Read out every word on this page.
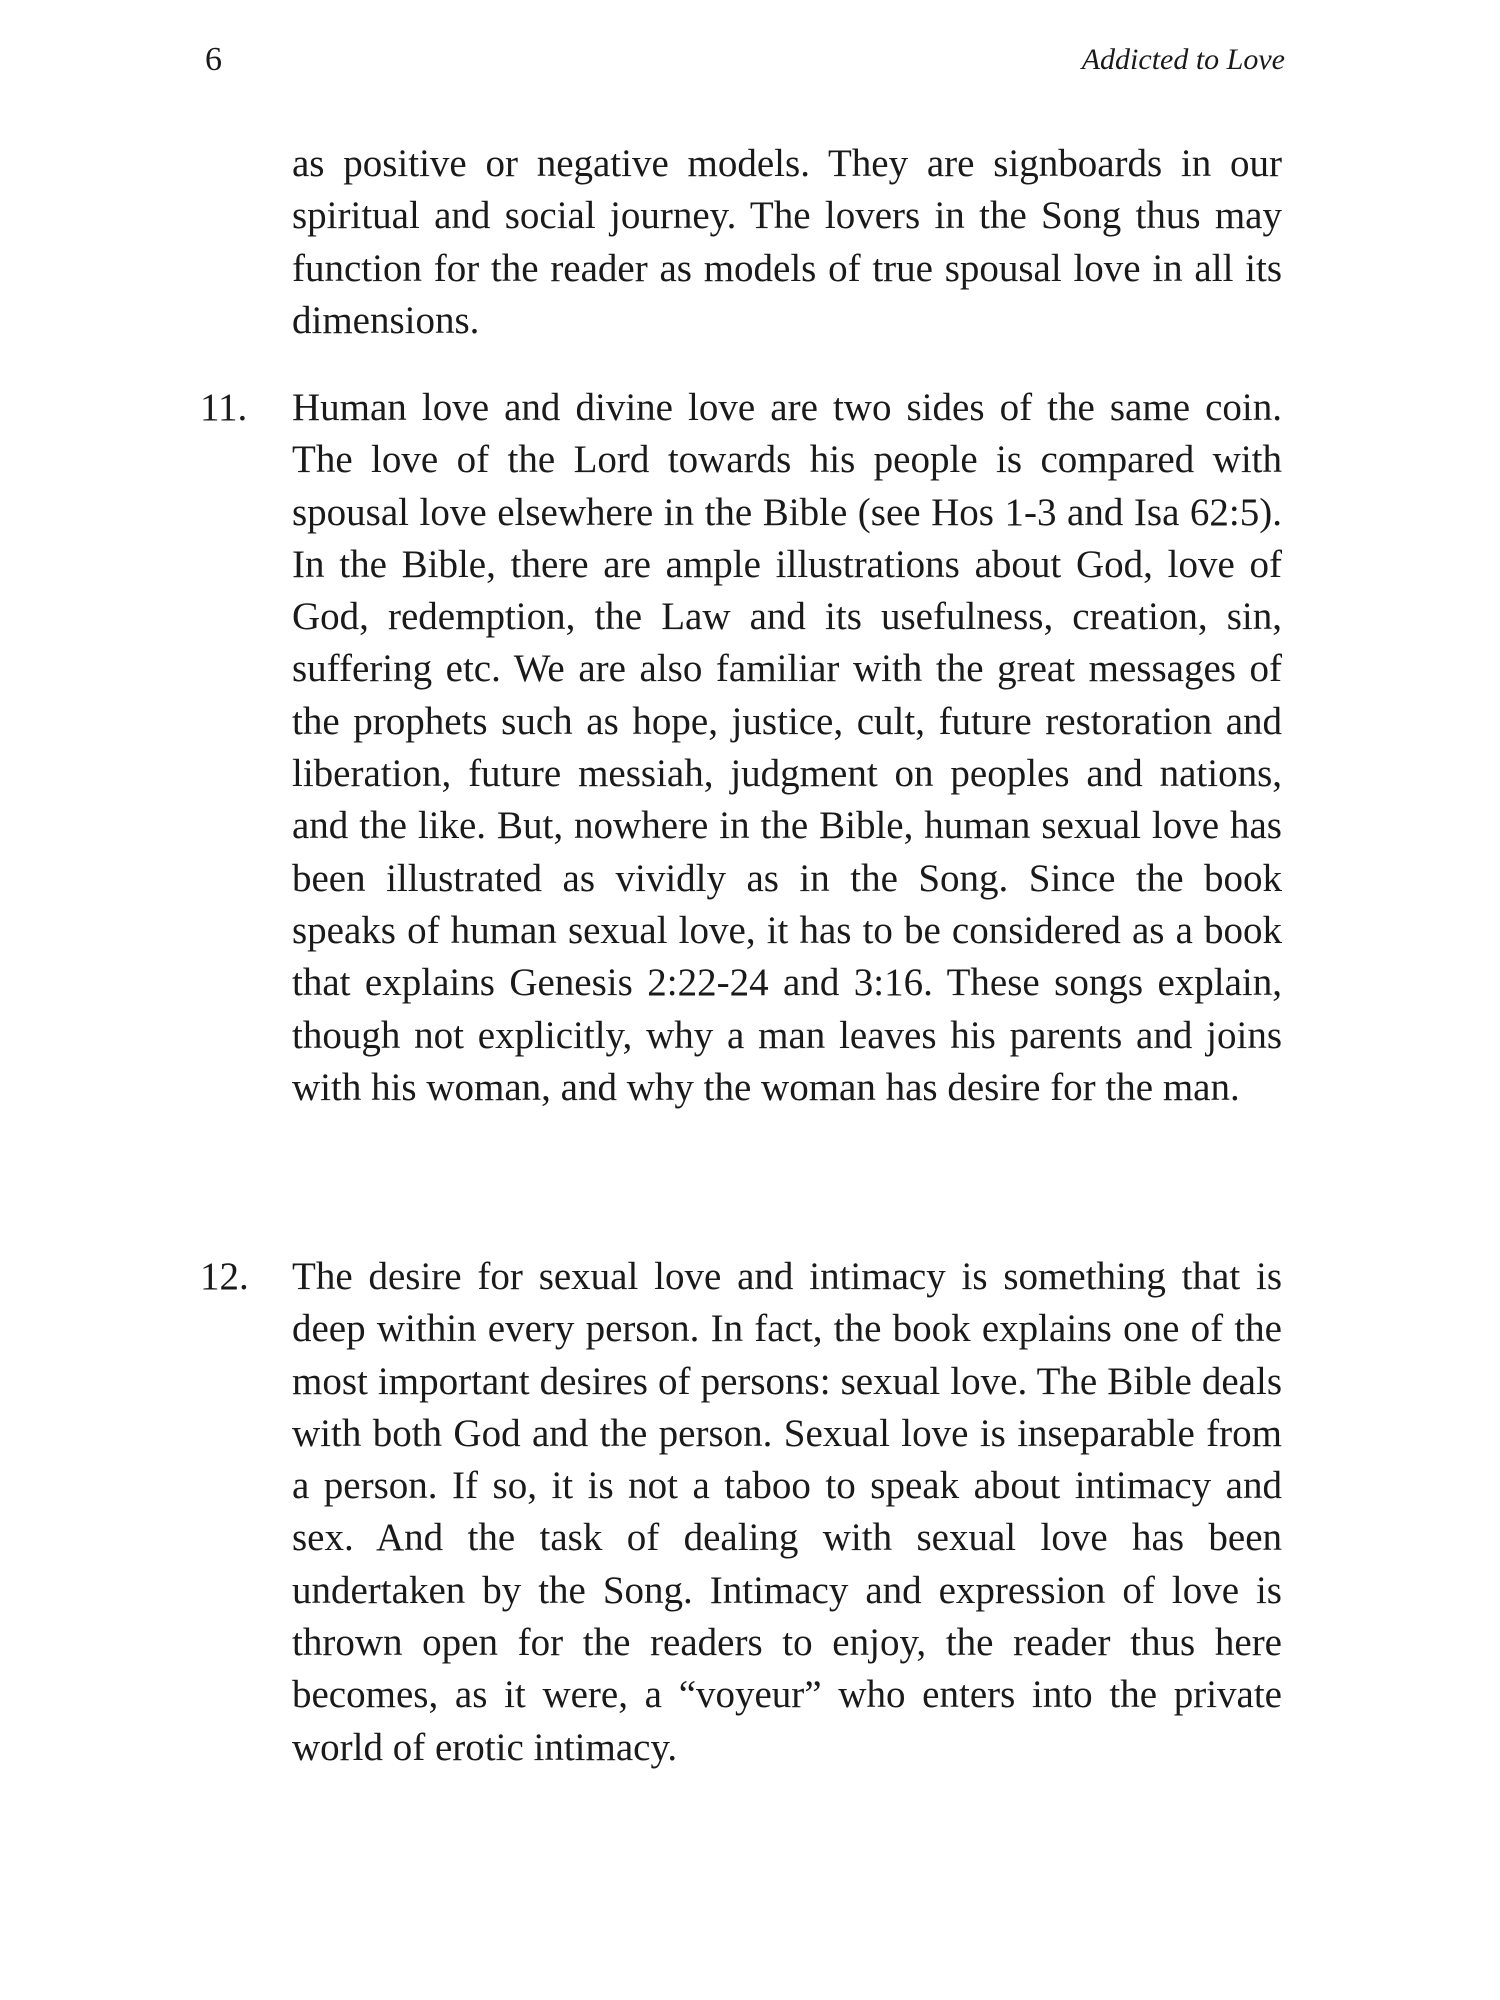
6	Addicted to Love

as positive or negative models. They are signboards in our spiritual and social journey. The lovers in the Song thus may function for the reader as models of true spousal love in all its dimensions.

11. Human love and divine love are two sides of the same coin. The love of the Lord towards his people is compared with spousal love elsewhere in the Bible (see Hos 1-3 and Isa 62:5). In the Bible, there are ample illustrations about God, love of God, redemption, the Law and its usefulness, creation, sin, suffering etc. We are also familiar with the great messages of the prophets such as hope, justice, cult, future restoration and liberation, future messiah, judgment on peoples and nations, and the like. But, nowhere in the Bible, human sexual love has been illustrated as vividly as in the Song. Since the book speaks of human sexual love, it has to be considered as a book that explains Genesis 2:22-24 and 3:16. These songs explain, though not explicitly, why a man leaves his parents and joins with his woman, and why the woman has desire for the man.
12. The desire for sexual love and intimacy is something that is deep within every person. In fact, the book explains one of the most important desires of persons: sexual love. The Bible deals with both God and the person. Sexual love is inseparable from a person. If so, it is not a taboo to speak about intimacy and sex. And the task of dealing with sexual love has been undertaken by the Song. Intimacy and expression of love is thrown open for the readers to enjoy, the reader thus here becomes, as it were, a “voyeur” who enters into the private world of erotic intimacy.
